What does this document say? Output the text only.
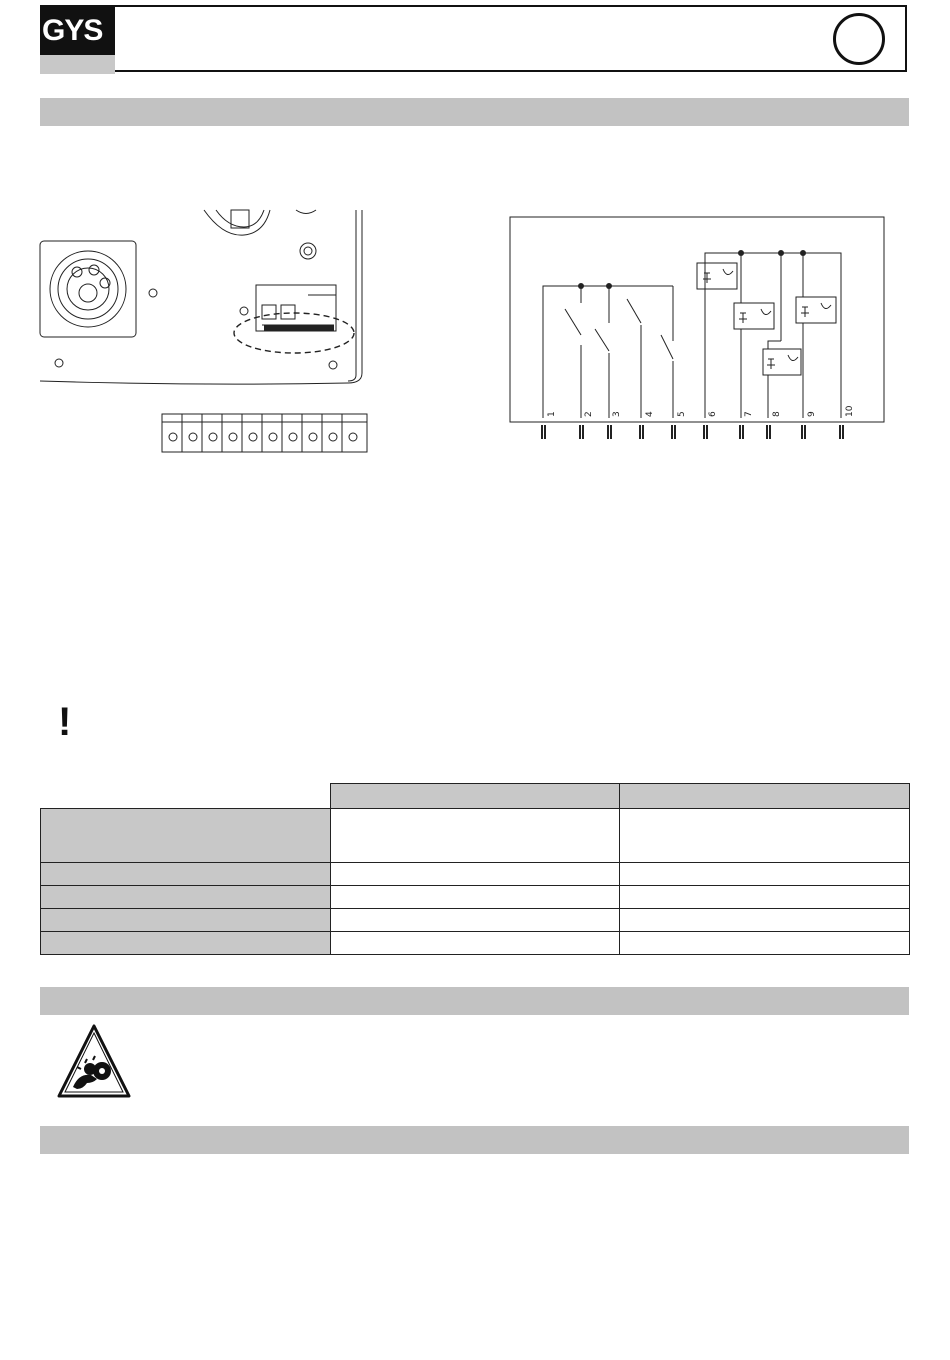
GYS
1	2 3	4 5 6	7 8	9	10
!
